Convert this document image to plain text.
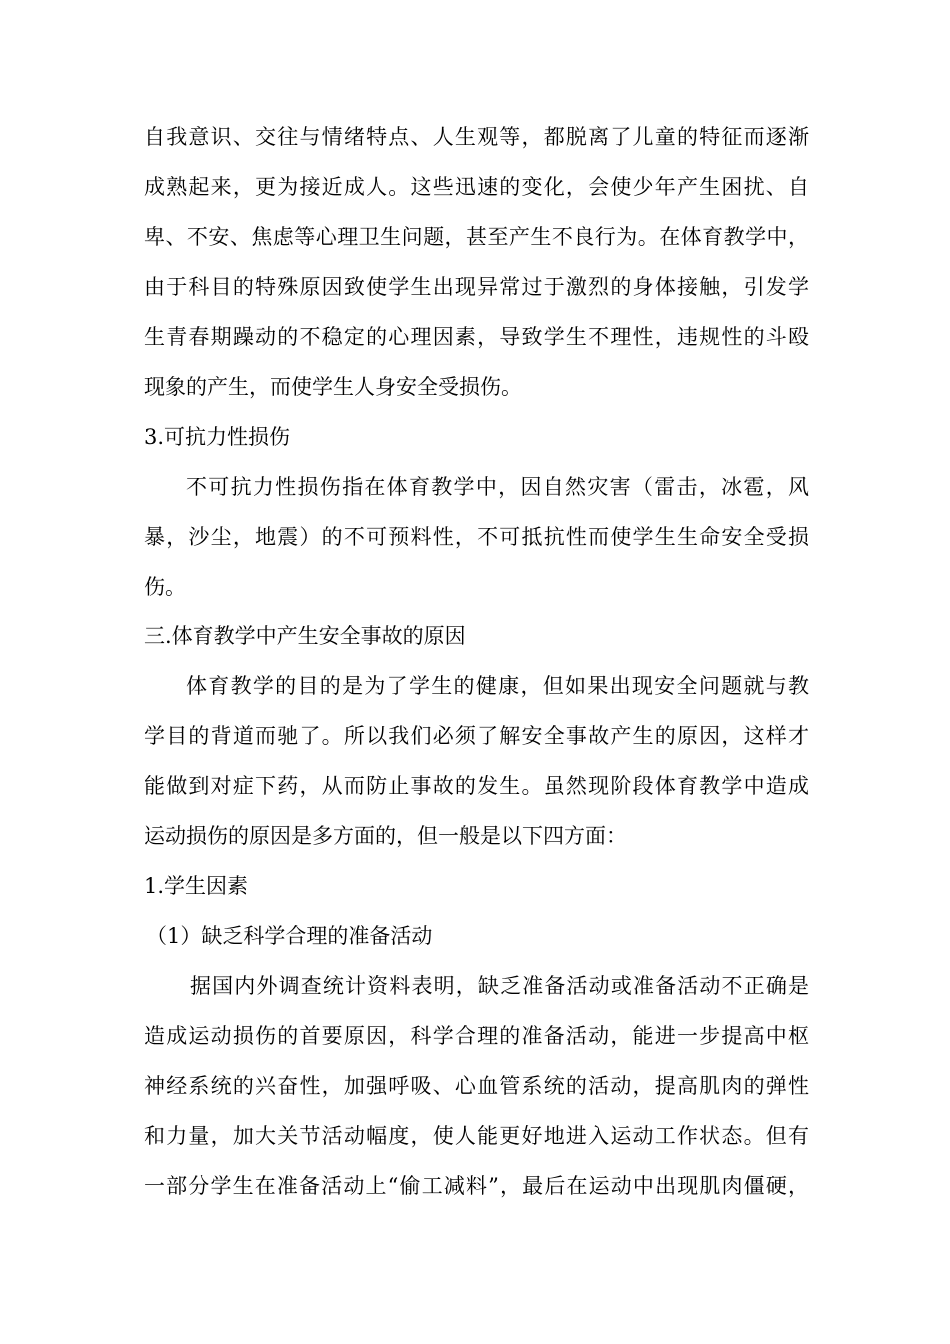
自我意识、交往与情绪特点、人生观等，都脱离了儿童的特征而逐渐
成熟起来，更为接近成人。这些迅速的变化，会使少年产生困扰、自
卑、不安、焦虑等心理卫生问题，甚至产生不良行为。在体育教学中，
由于科目的特殊原因致使学生出现异常过于激烈的身体接触，引发学
生青春期躁动的不稳定的心理因素，导致学生不理性，违规性的斗殴
现象的产生，而使学生人身安全受损伤。
3.可抗力性损伤
不可抗力性损伤指在体育教学中，因自然灾害（雷击，冰雹，风
暴，沙尘，地震）的不可预料性，不可抵抗性而使学生生命安全受损
伤。
三.体育教学中产生安全事故的原因
体育教学的目的是为了学生的健康，但如果出现安全问题就与教
学目的背道而驰了。所以我们必须了解安全事故产生的原因，这样才
能做到对症下药，从而防止事故的发生。虽然现阶段体育教学中造成
运动损伤的原因是多方面的，但一般是以下四方面：
1.学生因素
（1）缺乏科学合理的准备活动
据国内外调查统计资料表明，缺乏准备活动或准备活动不正确是
造成运动损伤的首要原因，科学合理的准备活动，能进一步提高中枢
神经系统的兴奋性，加强呼吸、心血管系统的活动，提高肌肉的弹性
和力量，加大关节活动幅度，使人能更好地进入运动工作状态。但有
一部分学生在准备活动上“偷工减料”，最后在运动中出现肌肉僵硬，
